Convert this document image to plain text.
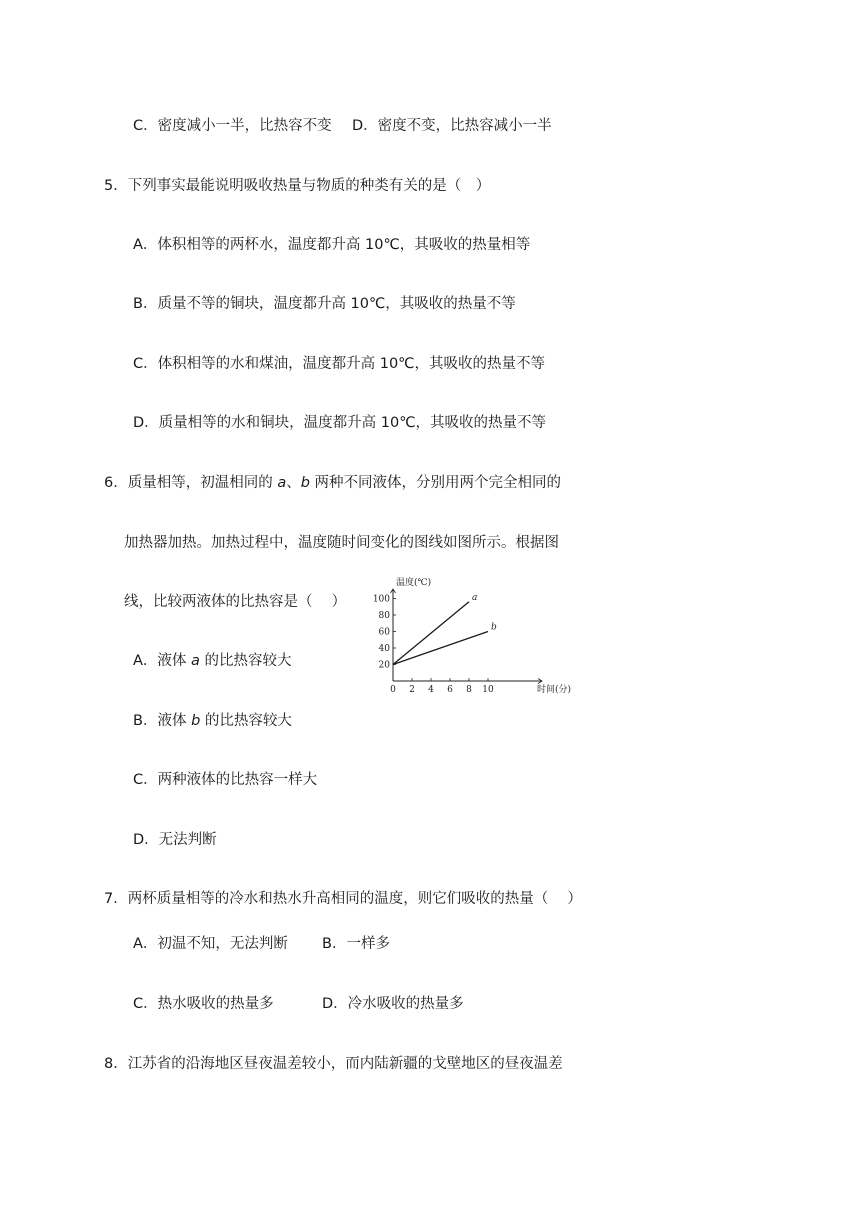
C．密度减小一半，比热容不变 D．密度不变，比热容减小一半
5．下列事实最能说明吸收热量与物质的种类有关的是（　）
A．体积相等的两杯水，温度都升高 10℃，其吸收的热量相等
B．质量不等的铜块，温度都升高 10℃，其吸收的热量不等
C．体积相等的水和煤油，温度都升高 10℃，其吸收的热量不等
D．质量相等的水和铜块，温度都升高 10℃，其吸收的热量不等
6．质量相等，初温相同的 a、b 两种不同液体，分别用两个完全相同的
加热器加热。加热过程中，温度随时间变化的图线如图所示。根据图
线，比较两液体的比热容是（　 ）
A．液体 a 的比热容较大
B．液体 b 的比热容较大
C．两种液体的比热容一样大
D．无法判断
0 2 4 6 8 10
20
40
60
80
100
温度(℃)
时间(分)
a
b
7．两杯质量相等的冷水和热水升高相同的温度，则它们吸收的热量（　 ）
A．初温不知，无法判断 B．一样多
C．热水吸收的热量多	D．冷水吸收的热量多
8．江苏省的沿海地区昼夜温差较小，而内陆新疆的戈壁地区的昼夜温差
